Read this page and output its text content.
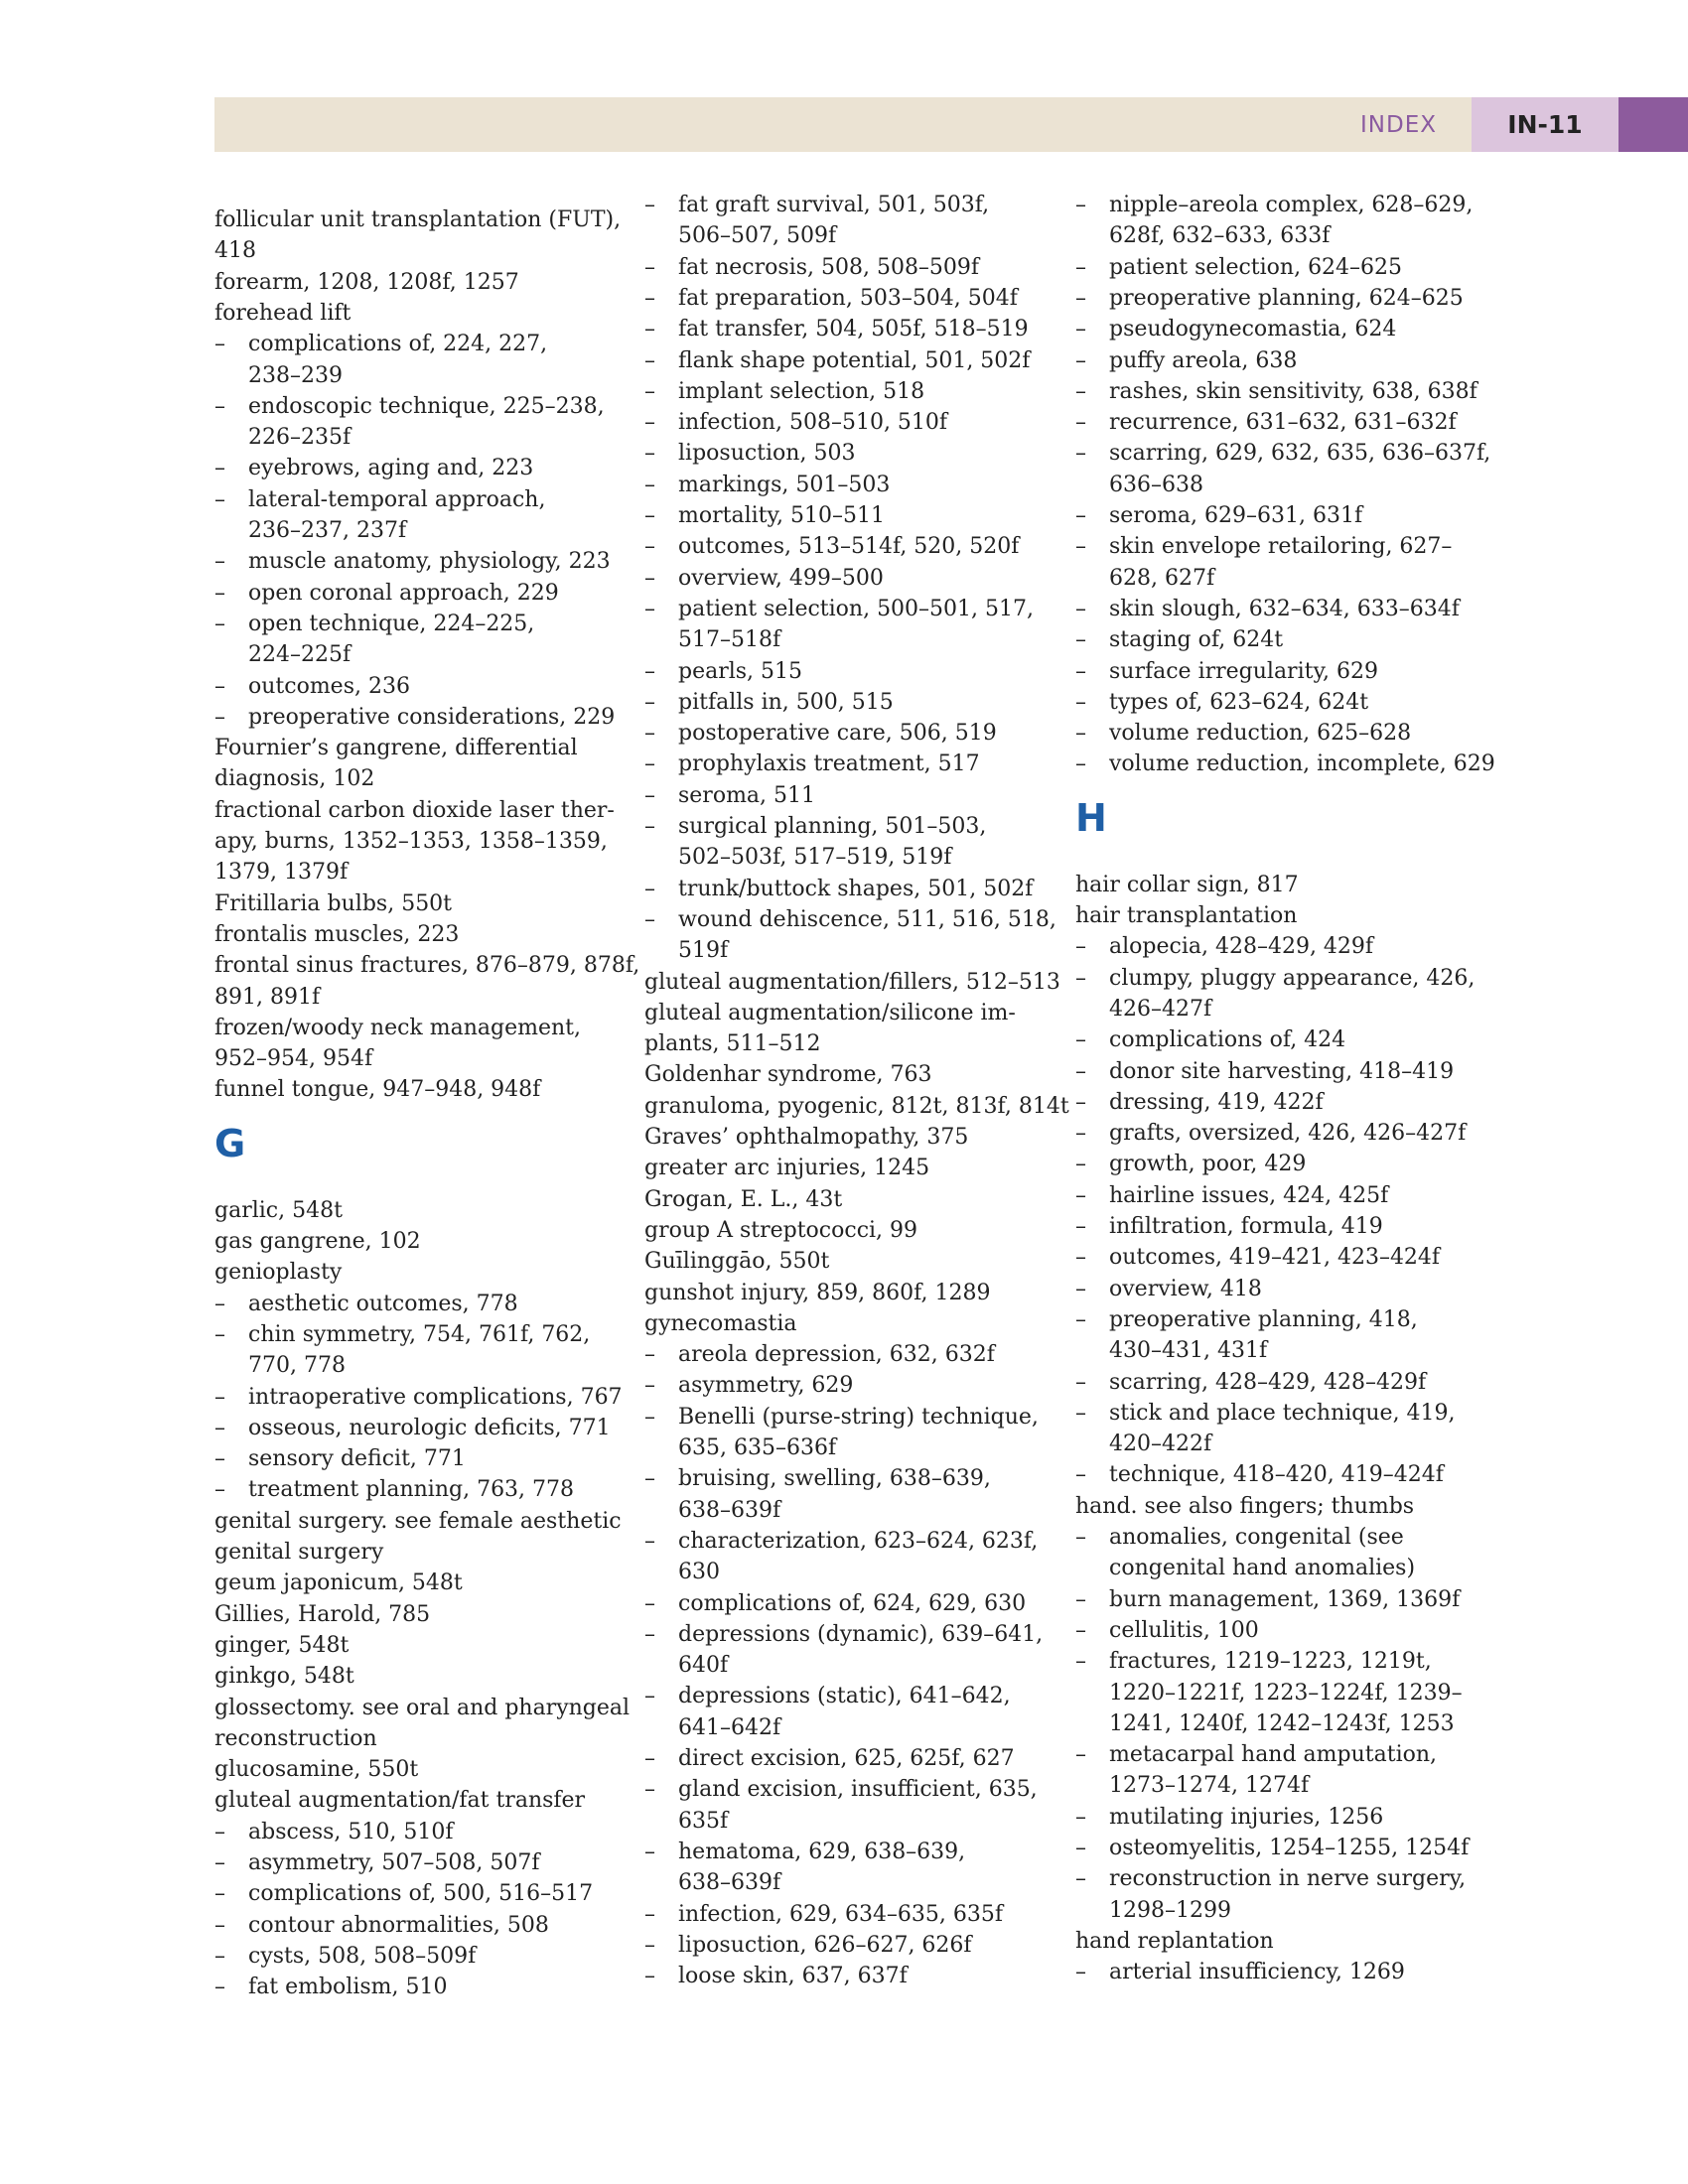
INDEX	IN-11
follicular unit transplantation (FUT),
418
forearm, 1208, 1208f, 1257
forehead lift
– complications of, 224, 227,
238–239
– endoscopic technique, 225–238,
226–235f
– eyebrows, aging and, 223
– lateral-temporal approach,
236–237, 237f
– muscle anatomy, physiology, 223
– open coronal approach, 229
– open technique, 224–225,
224–225f
– outcomes, 236
– preoperative considerations, 229
Fournier’s gangrene, differential
diagnosis, 102
fractional carbon dioxide laser ther-
apy, burns, 1352–1353, 1358–1359,
1379, 1379f
Fritillaria bulbs, 550t
frontalis muscles, 223
frontal sinus fractures, 876–879, 878f,
891, 891f
frozen/woody neck management,
952–954, 954f
funnel tongue, 947–948, 948f
G
garlic, 548t
gas gangrene, 102
genioplasty
– aesthetic outcomes, 778
– chin symmetry, 754, 761f, 762,
770, 778
– intraoperative complications, 767
– osseous, neurologic deficits, 771
– sensory deficit, 771
– treatment planning, 763, 778
genital surgery. see female aesthetic
genital surgery
geum japonicum, 548t
Gillies, Harold, 785
ginger, 548t
ginkgo, 548t
glossectomy. see oral and pharyngeal
reconstruction
glucosamine, 550t
gluteal augmentation/fat transfer
– abscess, 510, 510f
– asymmetry, 507–508, 507f
– complications of, 500, 516–517
– contour abnormalities, 508
– cysts, 508, 508–509f
– fat embolism, 510
– fat graft survival, 501, 503f,
506–507, 509f
– fat necrosis, 508, 508–509f
– fat preparation, 503–504, 504f
– fat transfer, 504, 505f, 518–519
– flank shape potential, 501, 502f
– implant selection, 518
– infection, 508–510, 510f
– liposuction, 503
– markings, 501–503
– mortality, 510–511
– outcomes, 513–514f, 520, 520f
– overview, 499–500
– patient selection, 500–501, 517,
517–518f
– pearls, 515
– pitfalls in, 500, 515
– postoperative care, 506, 519
– prophylaxis treatment, 517
– seroma, 511
– surgical planning, 501–503,
502–503f, 517–519, 519f
– trunk/buttock shapes, 501, 502f
– wound dehiscence, 511, 516, 518,
519f
gluteal augmentation/fillers, 512–513
gluteal augmentation/silicone im-
plants, 511–512
Goldenhar syndrome, 763
granuloma, pyogenic, 812t, 813f, 814t
Graves’ ophthalmopathy, 375
greater arc injuries, 1245
Grogan, E. L., 43t
group A streptococci, 99
Guīlinggāo, 550t
gunshot injury, 859, 860f, 1289
gynecomastia
– areola depression, 632, 632f
– asymmetry, 629
– Benelli (purse-string) technique,
635, 635–636f
– bruising, swelling, 638–639,
638–639f
– characterization, 623–624, 623f,
630
– complications of, 624, 629, 630
– depressions (dynamic), 639–641,
640f
– depressions (static), 641–642,
641–642f
– direct excision, 625, 625f, 627
– gland excision, insufficient, 635,
635f
– hematoma, 629, 638–639,
638–639f
– infection, 629, 634–635, 635f
– liposuction, 626–627, 626f
– loose skin, 637, 637f
– nipple–areola complex, 628–629,
628f, 632–633, 633f
– patient selection, 624–625
– preoperative planning, 624–625
– pseudogynecomastia, 624
– puffy areola, 638
– rashes, skin sensitivity, 638, 638f
– recurrence, 631–632, 631–632f
– scarring, 629, 632, 635, 636–637f,
636–638
– seroma, 629–631, 631f
– skin envelope retailoring, 627–
628, 627f
– skin slough, 632–634, 633–634f
– staging of, 624t
– surface irregularity, 629
– types of, 623–624, 624t
– volume reduction, 625–628
– volume reduction, incomplete, 629
H
hair collar sign, 817
hair transplantation
– alopecia, 428–429, 429f
– clumpy, pluggy appearance, 426,
426–427f
– complications of, 424
– donor site harvesting, 418–419
– dressing, 419, 422f
– grafts, oversized, 426, 426–427f
– growth, poor, 429
– hairline issues, 424, 425f
– infiltration, formula, 419
– outcomes, 419–421, 423–424f
– overview, 418
– preoperative planning, 418,
430–431, 431f
– scarring, 428–429, 428–429f
– stick and place technique, 419,
420–422f
– technique, 418–420, 419–424f
hand. see also fingers; thumbs
– anomalies, congenital (see
congenital hand anomalies)
– burn management, 1369, 1369f
– cellulitis, 100
– fractures, 1219–1223, 1219t,
1220–1221f, 1223–1224f, 1239–
1241, 1240f, 1242–1243f, 1253
– metacarpal hand amputation,
1273–1274, 1274f
– mutilating injuries, 1256
– osteomyelitis, 1254–1255, 1254f
– reconstruction in nerve surgery,
1298–1299
hand replantation
– arterial insufficiency, 1269
